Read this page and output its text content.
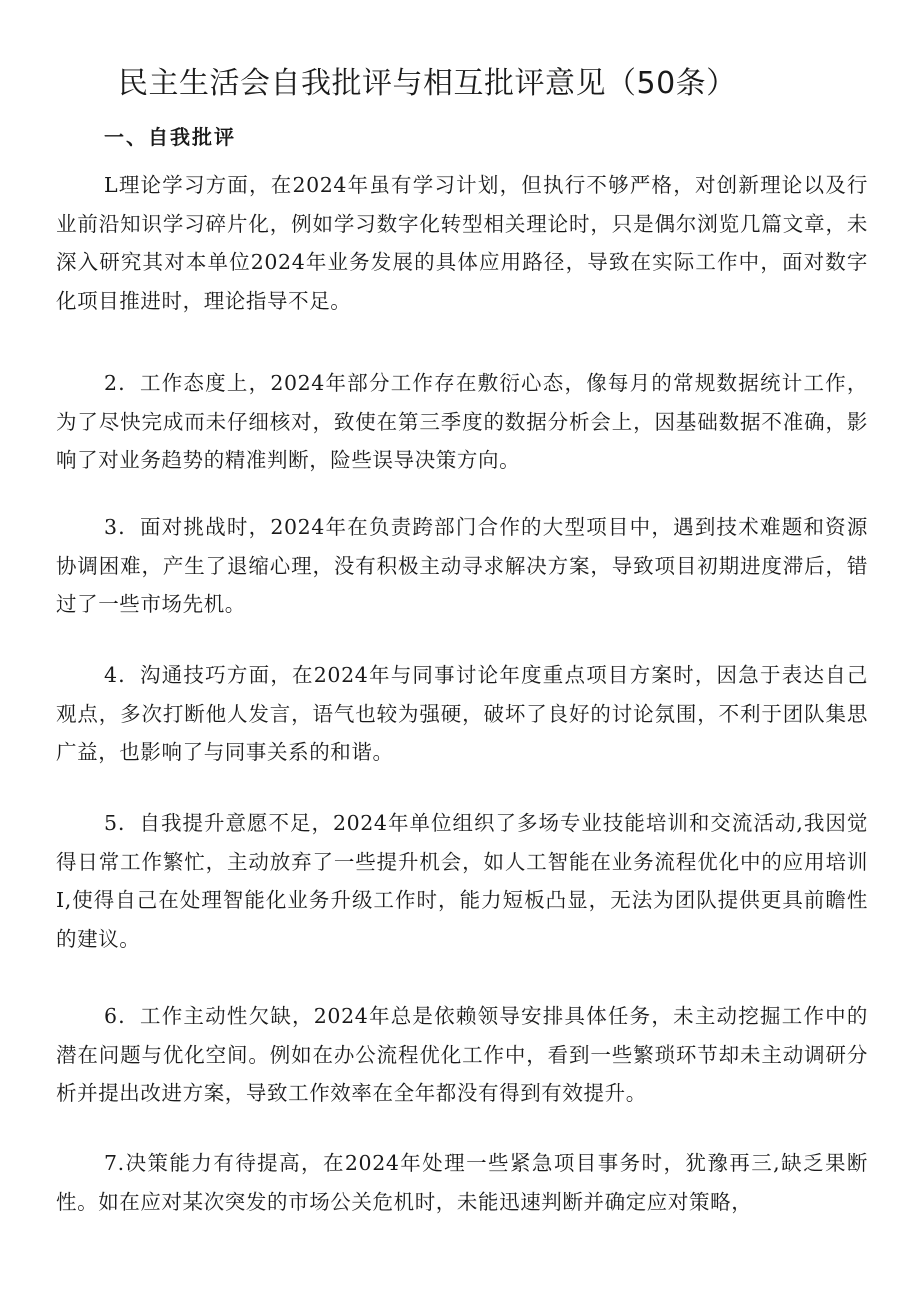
民主生活会自我批评与相互批评意见（50条）
一、自我批评

L理论学习方面，在2024年虽有学习计划，但执行不够严格，对创新理论以及行业前沿知识学习碎片化，例如学习数字化转型相关理论时，只是偶尔浏览几篇文章，未深入研究其对本单位2024年业务发展的具体应用路径，导致在实际工作中，面对数字化项目推进时，理论指导不足。

2．工作态度上，2024年部分工作存在敷衍心态，像每月的常规数据统计工作，为了尽快完成而未仔细核对，致使在第三季度的数据分析会上，因基础数据不准确，影响了对业务趋势的精准判断，险些误导决策方向。

3．面对挑战时，2024年在负责跨部门合作的大型项目中，遇到技术难题和资源协调困难，产生了退缩心理，没有积极主动寻求解决方案，导致项目初期进度滞后，错过了一些市场先机。

4．沟通技巧方面，在2024年与同事讨论年度重点项目方案时，因急于表达自己观点，多次打断他人发言，语气也较为强硬，破坏了良好的讨论氛围，不利于团队集思广益，也影响了与同事关系的和谐。

5．自我提升意愿不足，2024年单位组织了多场专业技能培训和交流活动,我因觉得日常工作繁忙，主动放弃了一些提升机会，如人工智能在业务流程优化中的应用培训I,使得自己在处理智能化业务升级工作时，能力短板凸显，无法为团队提供更具前瞻性的建议。

6．工作主动性欠缺，2024年总是依赖领导安排具体任务，未主动挖掘工作中的潜在问题与优化空间。例如在办公流程优化工作中，看到一些繁琐环节却未主动调研分析并提出改进方案，导致工作效率在全年都没有得到有效提升。

7.决策能力有待提高，在2024年处理一些紧急项目事务时，犹豫再三,缺乏果断性。如在应对某次突发的市场公关危机时，未能迅速判断并确定应对策略，
